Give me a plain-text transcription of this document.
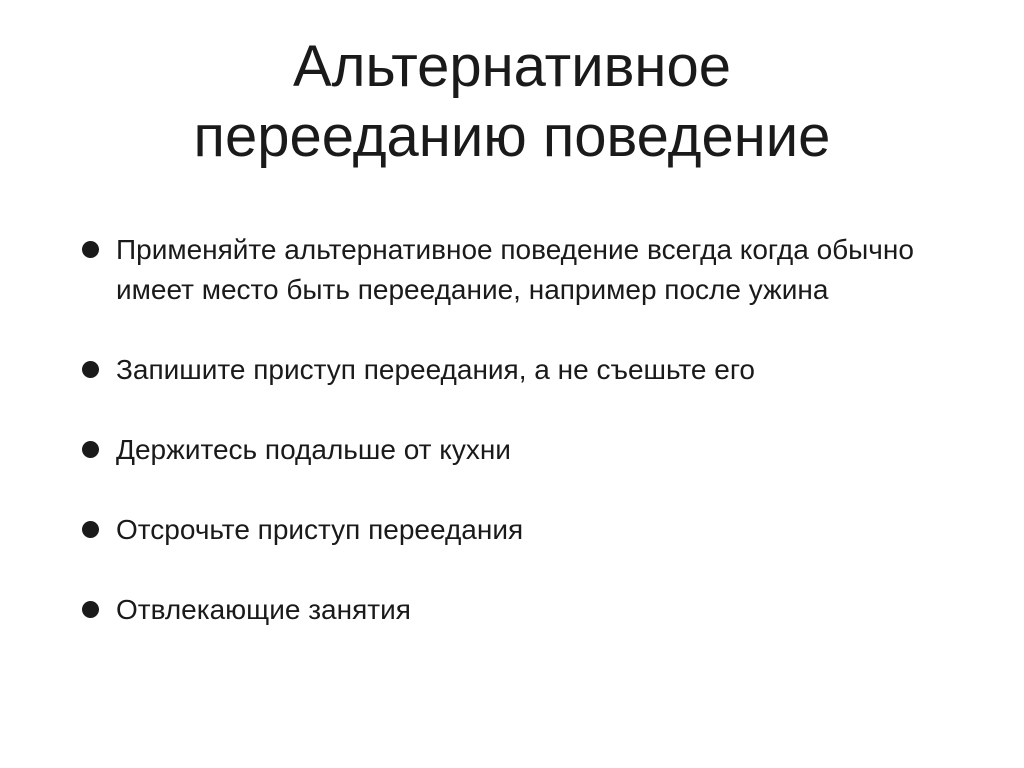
Альтернативное
перееданию поведение
Применяйте альтернативное поведение всегда когда обычно имеет место быть переедание, например после ужина
Запишите приступ переедания, а не съешьте его
Держитесь подальше от кухни
Отсрочьте приступ переедания
Отвлекающие занятия
